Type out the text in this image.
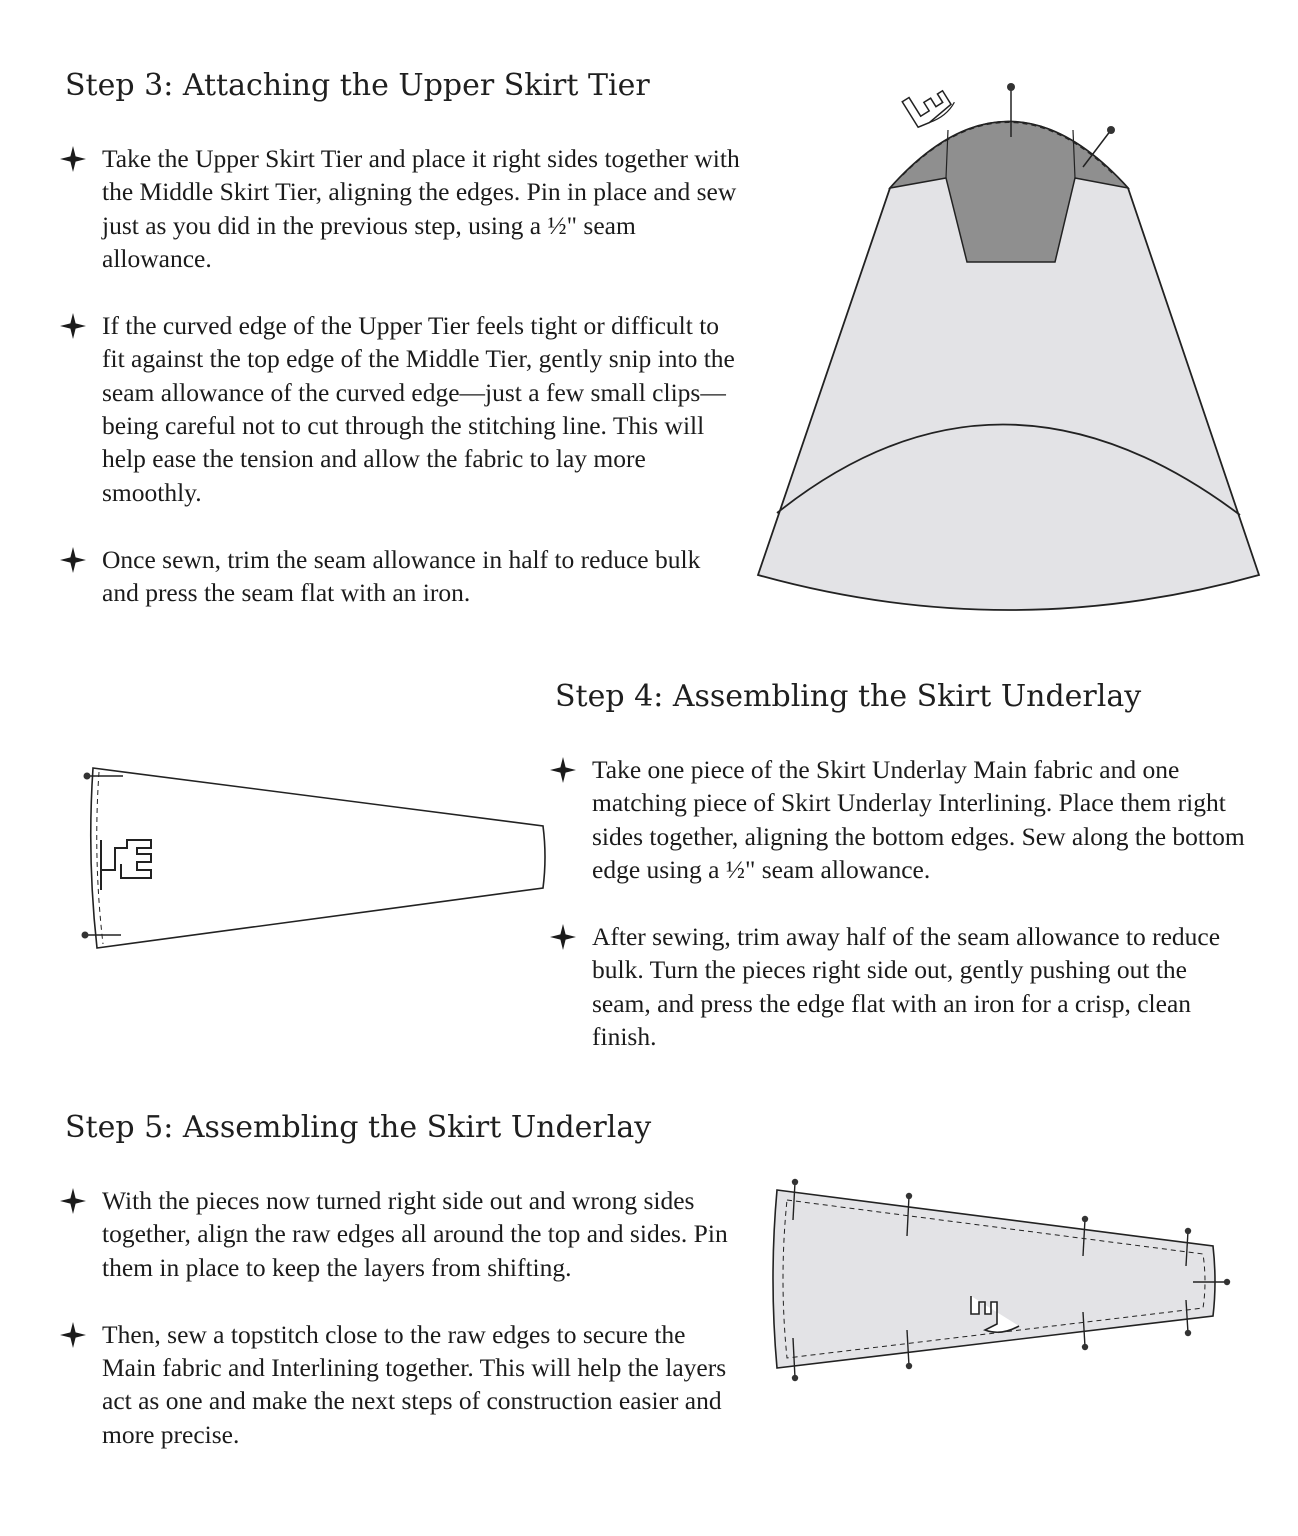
Step 3: Attaching the Upper Skirt Tier
Take the Upper Skirt Tier and place it right sides together with the Middle Skirt Tier, aligning the edges. Pin in place and sew just as you did in the previous step, using a ½" seam allowance.
If the curved edge of the Upper Tier feels tight or difficult to fit against the top edge of the Middle Tier, gently snip into the seam allowance of the curved edge—just a few small clips—being careful not to cut through the stitching line. This will help ease the tension and allow the fabric to lay more smoothly.
Once sewn, trim the seam allowance in half to reduce bulk and press the seam flat with an iron.
Step 4: Assembling the Skirt Underlay
Take one piece of the Skirt Underlay Main fabric and one matching piece of Skirt Underlay Interlining. Place them right sides together, aligning the bottom edges. Sew along the bottom edge using a ½" seam allowance.
After sewing, trim away half of the seam allowance to reduce bulk. Turn the pieces right side out, gently pushing out the seam, and press the edge flat with an iron for a crisp, clean finish.
Step 5: Assembling the Skirt Underlay
With the pieces now turned right side out and wrong sides together, align the raw edges all around the top and sides. Pin them in place to keep the layers from shifting.
Then, sew a topstitch close to the raw edges to secure the Main fabric and Interlining together. This will help the layers act as one and make the next steps of construction easier and more precise.
